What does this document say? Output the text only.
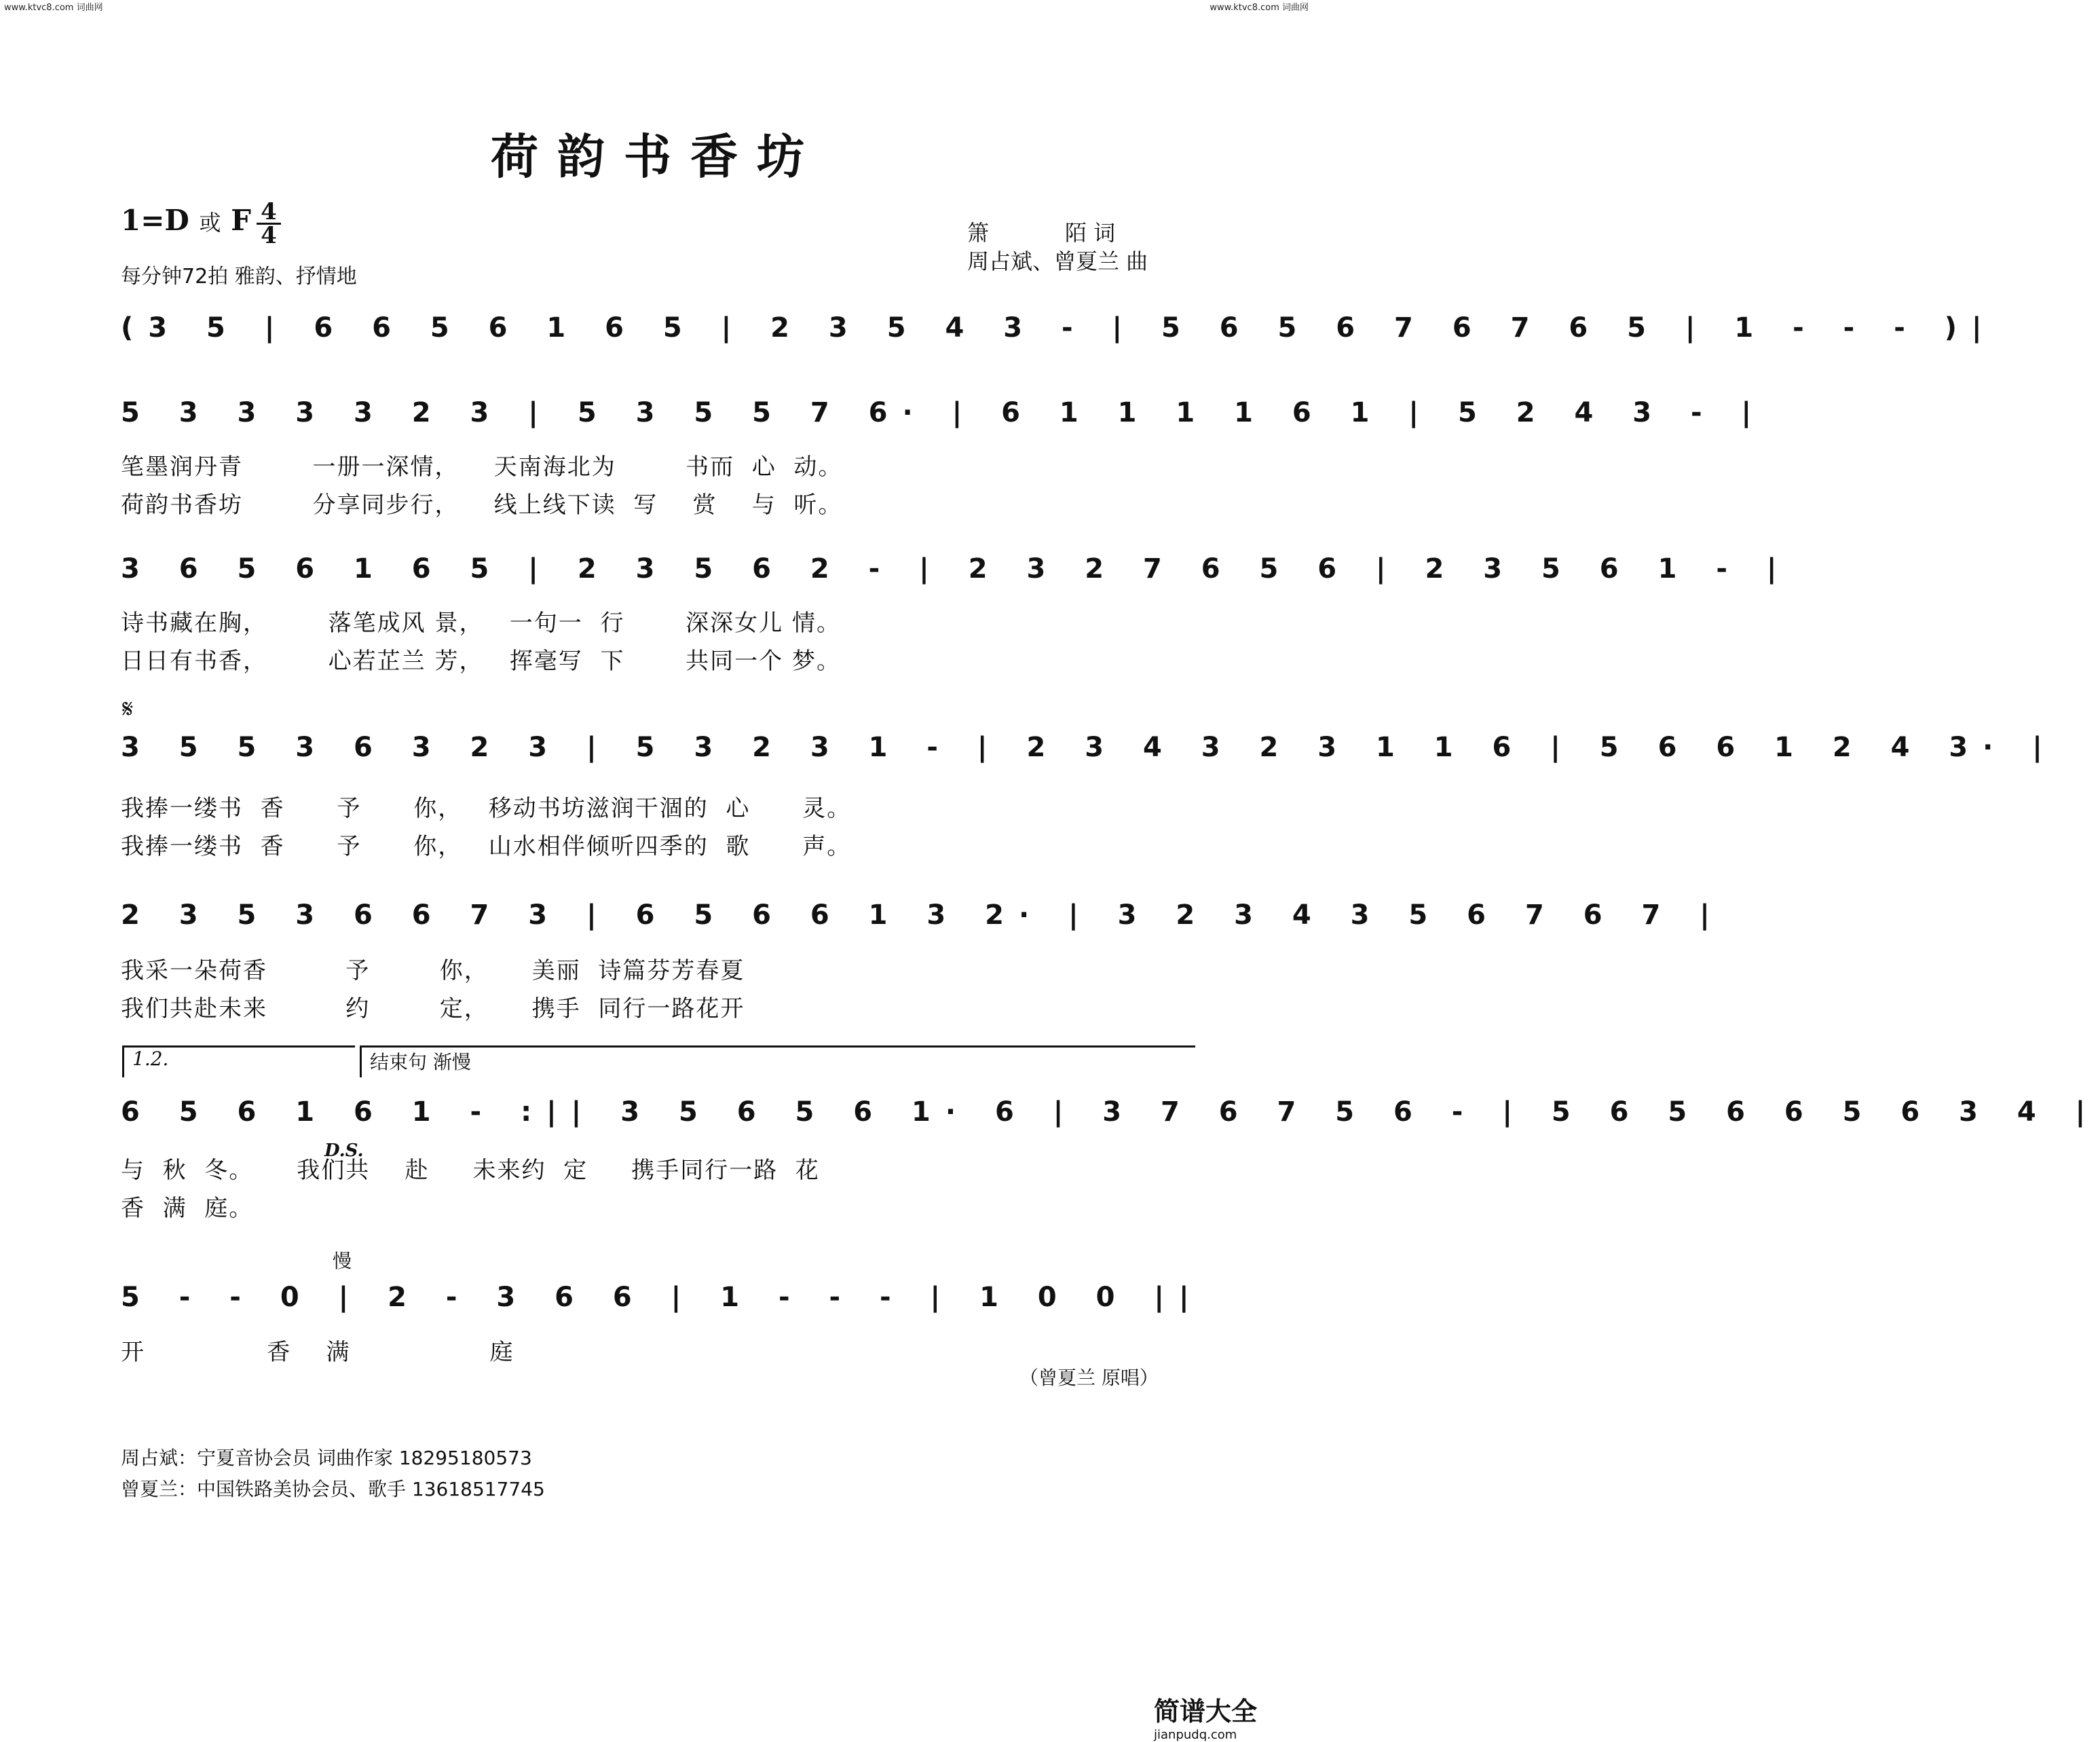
www.ktvc8.com 词曲网	www.ktvc8.com 词曲网
荷韵书香坊
1=D 或 F 4
4
每分钟72拍 雅韵、抒情地
箫           陌 词
周占斌、曾夏兰 曲
(3 5 | 6 6 5 6 1 6 5 | 2 3 5 4 3 - | 5 6 5 6 7 6 7 6 5 | 1 - - - )|
5 3 3 3 3 2 3 | 5 3 5 5 7 6· | 6 1 1 1 1 6 1 | 5 2 4 3 - |
笔墨润丹青        一册一深情，    天南海北为        书而  心  动。
荷韵书香坊        分享同步行，    线上线下读  写    赏    与  听。
3 6 5 6 1 6 5 | 2 3 5 6 2 - | 2 3 2 7 6 5 6 | 2 3 5 6 1 - |
诗书藏在胸，       落笔成风 景，   一句一  行       深深女儿 情。
日日有书香，       心若芷兰 芳，   挥毫写  下       共同一个 梦。
𝄋
3 5 5 3 6 3 2 3 | 5 3 2 3 1 - | 2 3 4 3 2 3 1 1 6 | 5 6 6 1 2 4 3· |
我捧一缕书  香      予      你，   移动书坊滋润干涸的  心      灵。
我捧一缕书  香      予      你，   山水相伴倾听四季的  歌      声。
2 3 5 3 6 6 7 3 | 6 5 6 6 1 3 2· | 3 2 3 4 3 5 6 7 6 7 |
我采一朵荷香         予        你，     美丽  诗篇芬芳春夏
我们共赴未来         约        定，     携手  同行一路花开
1.2.	结束句 渐慢
6 5 6 1 6 1 - :|| 3 5 6 5 6 1· 6 | 3 7 6 7 5 6 - | 5 6 5 6 6 5 6 3 4 |
D.S.
与  秋  冬。     我们共    赴     未来约  定     携手同行一路  花
香  满  庭。
慢
5 - - 0 | 2 - 3 6 6 | 1 - - - | 1 0 0 ||
开              香    满                庭
（曾夏兰 原唱）
周占斌：宁夏音协会员 词曲作家 18295180573
曾夏兰：中国铁路美协会员、歌手 13618517745
简谱大全
jianpudq.com
